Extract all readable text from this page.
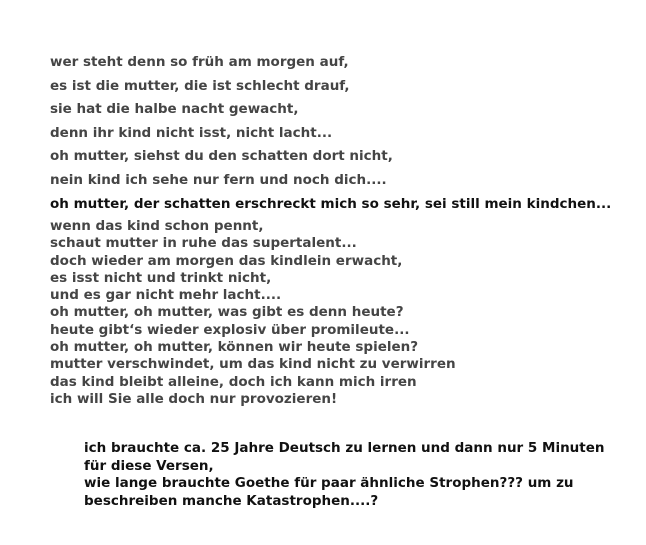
wer steht denn so früh am morgen auf,
es ist die mutter, die ist schlecht drauf,
sie hat die halbe nacht gewacht,
denn ihr kind nicht isst, nicht lacht...
oh mutter, siehst du den schatten dort nicht,
nein kind ich sehe nur fern und noch dich....
oh mutter, der schatten erschreckt mich so sehr, sei still mein kindchen...
wenn das kind schon pennt,
schaut mutter in ruhe das supertalent...
doch wieder am morgen das kindlein erwacht,
es isst nicht und trinkt nicht,
und es gar nicht mehr lacht....
oh mutter, oh mutter, was gibt es denn heute?
heute gibt‘s wieder explosiv über promileute...
oh mutter, oh mutter, können wir heute spielen?
mutter verschwindet, um das kind nicht zu verwirren
das kind bleibt alleine, doch ich kann mich irren
ich will Sie alle doch nur provozieren!
ich brauchte ca. 25 Jahre Deutsch zu lernen und dann nur 5 Minuten
für diese Versen,
wie lange brauchte Goethe für paar ähnliche Strophen??? um zu
beschreiben manche Katastrophen....?
